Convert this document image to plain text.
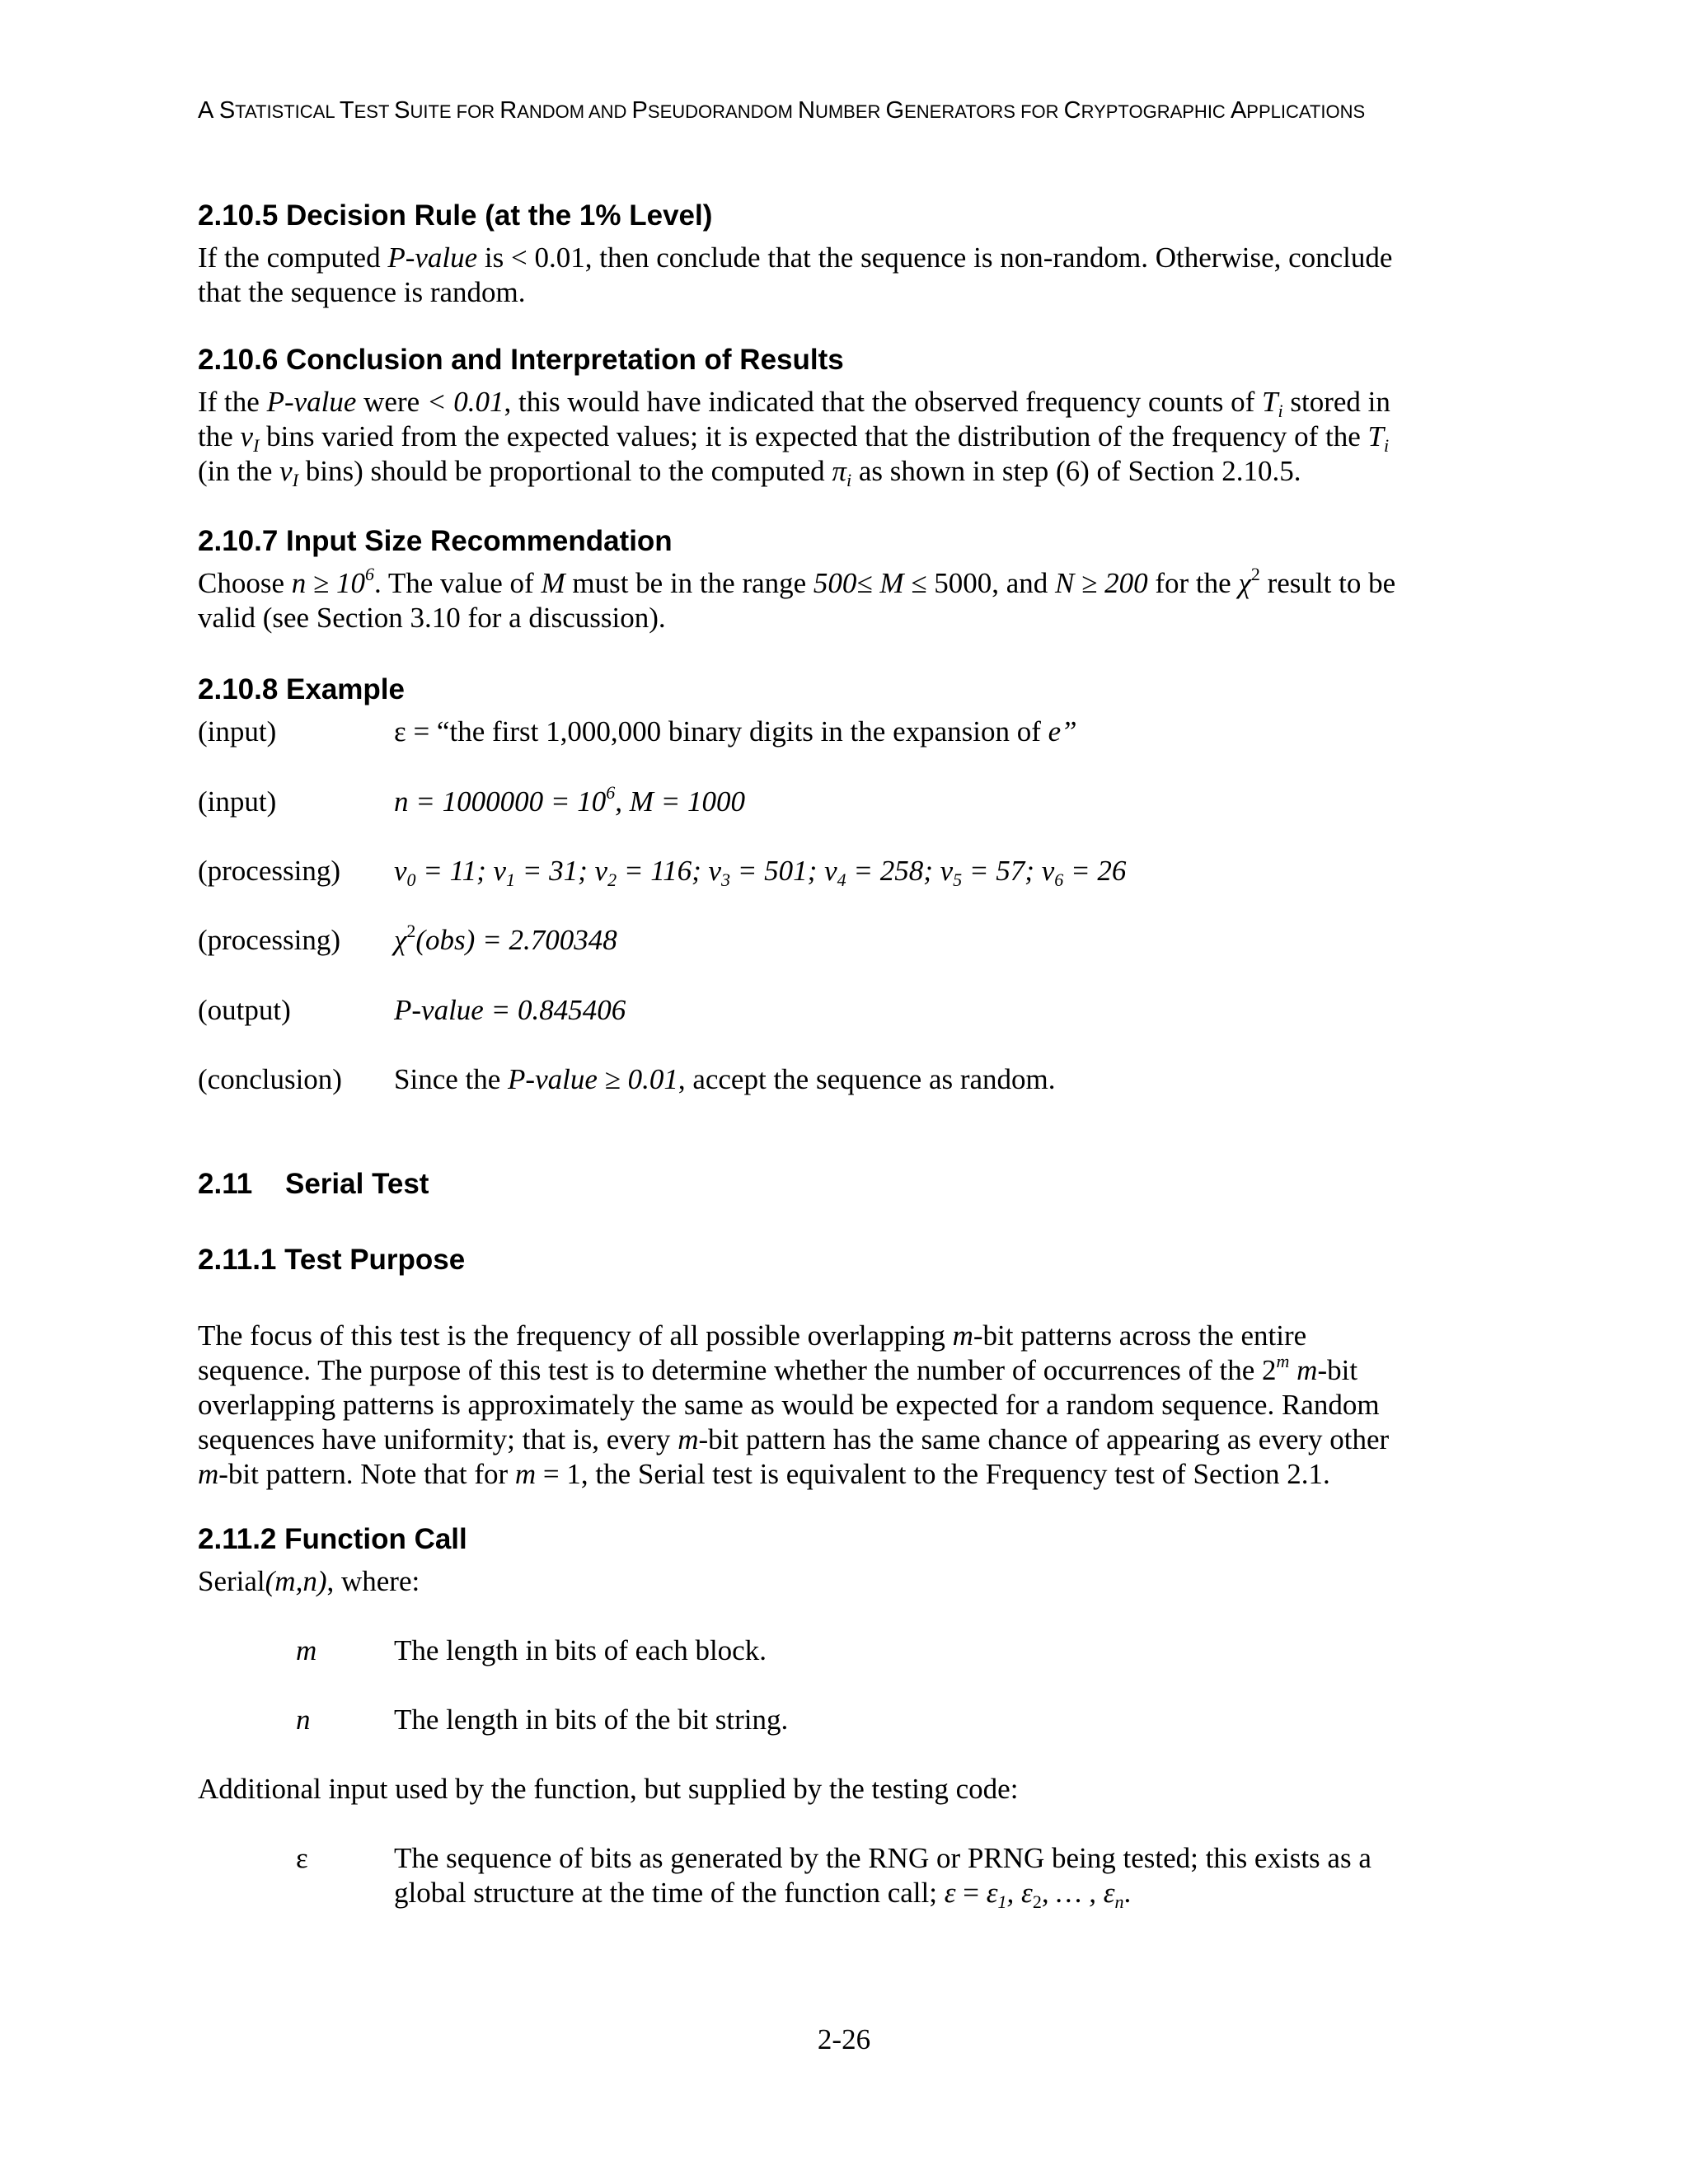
A STATISTICAL TEST SUITE FOR RANDOM AND PSEUDORANDOM NUMBER GENERATORS FOR CRYPTOGRAPHIC APPLICATIONS
2.10.5 Decision Rule (at the 1% Level)
If the computed P-value is < 0.01, then conclude that the sequence is non-random. Otherwise, conclude
that the sequence is random.
2.10.6 Conclusion and Interpretation of Results
If the P-value were < 0.01, this would have indicated that the observed frequency counts of $T_i$ stored in
the $\nu_I$ bins varied from the expected values; it is expected that the distribution of the frequency of the $T_i$
(in the $\nu_I$ bins) should be proportional to the computed $\pi_i$ as shown in step (6) of Section 2.10.5.
2.10.7 Input Size Recommendation
Choose $n \ge 10^6$. The value of M must be in the range 500≤ M ≤ 5000, and N ≥ 200 for the $\chi^2$ result to be
valid (see Section 3.10 for a discussion).
2.10.8 Example
(input)	ε = “the first 1,000,000 binary digits in the expansion of e”
(input)	$n = 1000000 = 10^6$, M = 1000
(processing) $\nu_0 = 11$; $\nu_1 = 31$; $\nu_2 = 116$; $\nu_3 = 501$; $\nu_4 = 258$; $\nu_5 = 57$; $\nu_6 = 26$
(processing) $\chi^2(obs) = 2.700348$
(output)	P-value = 0.845406
(conclusion) Since the P-value ≥ 0.01, accept the sequence as random.
2.11 Serial Test
2.11.1 Test Purpose
The focus of this test is the frequency of all possible overlapping m-bit patterns across the entire
sequence. The purpose of this test is to determine whether the number of occurrences of the 2$^m$ m-bit
overlapping patterns is approximately the same as would be expected for a random sequence. Random
sequences have uniformity; that is, every m-bit pattern has the same chance of appearing as every other
m-bit pattern. Note that for m = 1, the Serial test is equivalent to the Frequency test of Section 2.1.
2.11.2 Function Call
Serial(m,n), where:
m	The length in bits of each block.
n	The length in bits of the bit string.
Additional input used by the function, but supplied by the testing code:
ε	The sequence of bits as generated by the RNG or PRNG being tested; this exists as a
global structure at the time of the function call; $\varepsilon = \varepsilon_1$, $\varepsilon_2$, … , $\varepsilon_n$.
2-26
